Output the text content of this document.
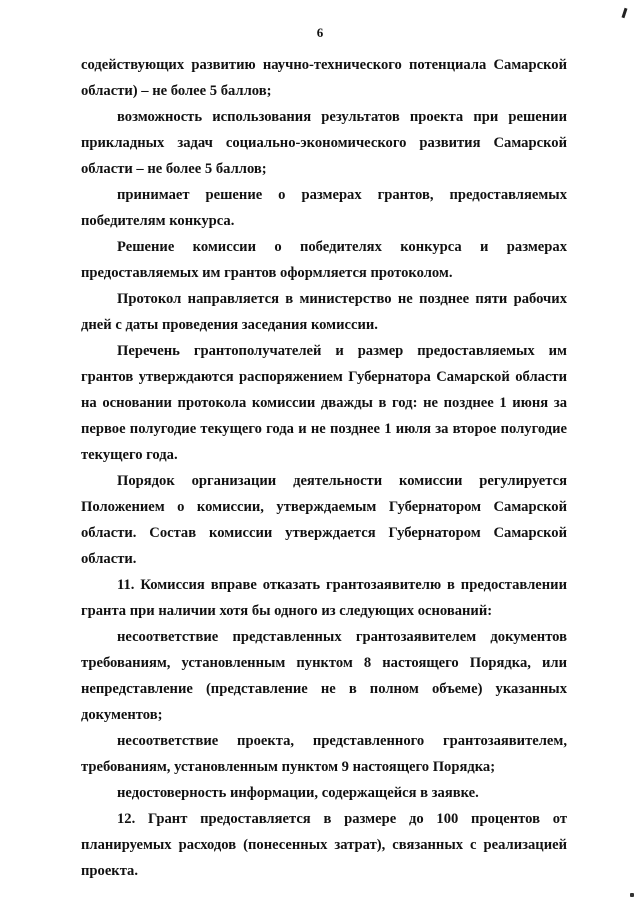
6

содействующих развитию научно-технического потенциала Самарской области) – не более 5 баллов;

возможность использования результатов проекта при решении прикладных задач социально-экономического развития Самарской области – не более 5 баллов;

принимает решение о размерах грантов, предоставляемых победителям конкурса.

Решение комиссии о победителях конкурса и размерах предоставляемых им грантов оформляется протоколом.

Протокол направляется в министерство не позднее пяти рабочих дней с даты проведения заседания комиссии.

Перечень грантополучателей и размер предоставляемых им грантов утверждаются распоряжением Губернатора Самарской области на основании протокола комиссии дважды в год: не позднее 1 июня за первое полугодие текущего года и не позднее 1 июля за второе полугодие текущего года.

Порядок организации деятельности комиссии регулируется Положением о комиссии, утверждаемым Губернатором Самарской области. Состав комиссии утверждается Губернатором Самарской области.

11. Комиссия вправе отказать грантозаявителю в предоставлении гранта при наличии хотя бы одного из следующих оснований:

несоответствие представленных грантозаявителем документов требованиям, установленным пунктом 8 настоящего Порядка, или непредставление (представление не в полном объеме) указанных документов;

несоответствие проекта, представленного грантозаявителем, требованиям, установленным пунктом 9 настоящего Порядка;

недостоверность информации, содержащейся в заявке.

12. Грант предоставляется в размере до 100 процентов от планируемых расходов (понесенных затрат), связанных с реализацией проекта.
